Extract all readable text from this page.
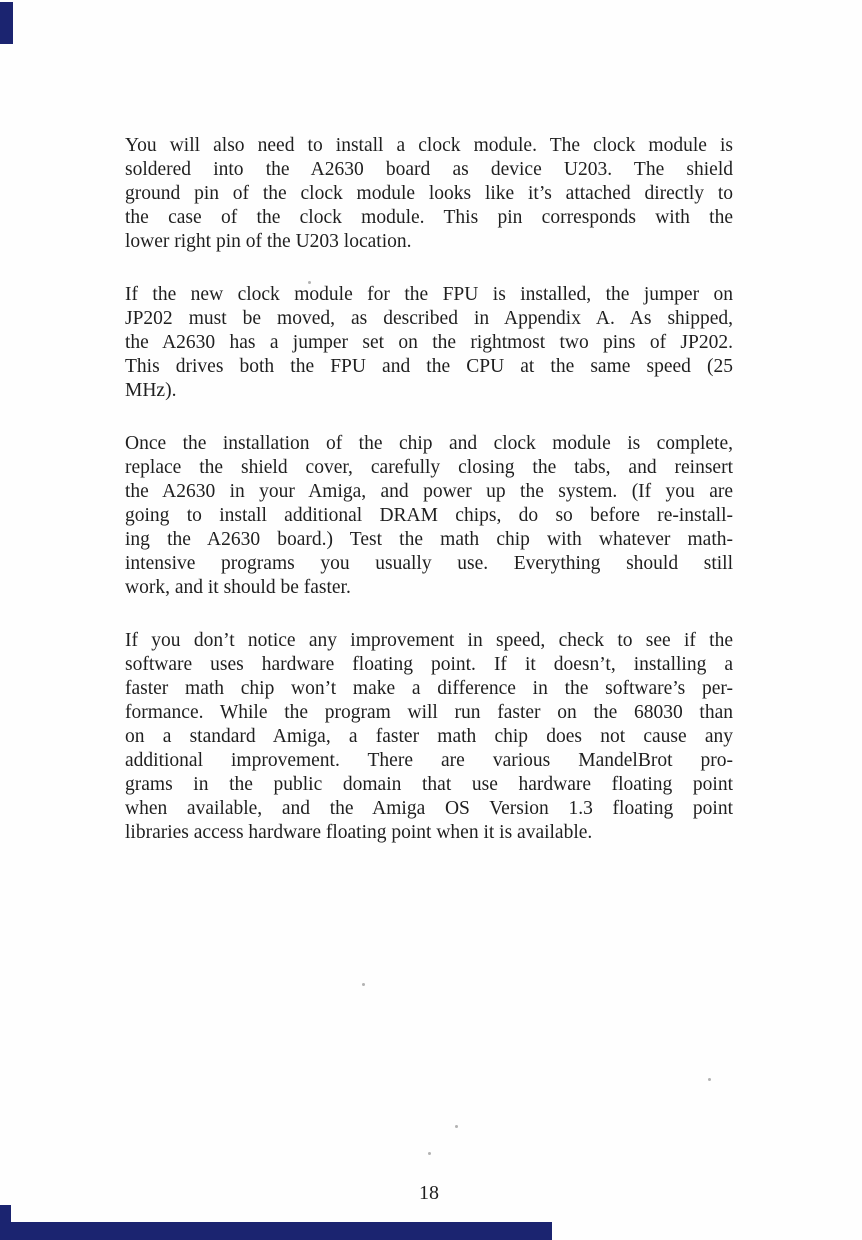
You will also need to install a clock module. The clock module is
soldered into the A2630 board as device U203. The shield
ground pin of the clock module looks like it’s attached directly to
the case of the clock module. This pin corresponds with the
lower right pin of the U203 location.
If the new clock module for the FPU is installed, the jumper on
JP202 must be moved, as described in Appendix A. As shipped,
the A2630 has a jumper set on the rightmost two pins of JP202.
This drives both the FPU and the CPU at the same speed (25
MHz).
Once the installation of the chip and clock module is complete,
replace the shield cover, carefully closing the tabs, and reinsert
the A2630 in your Amiga, and power up the system. (If you are
going to install additional DRAM chips, do so before re-install-
ing the A2630 board.) Test the math chip with whatever math-
intensive programs you usually use. Everything should still
work, and it should be faster.
If you don’t notice any improvement in speed, check to see if the
software uses hardware floating point. If it doesn’t, installing a
faster math chip won’t make a difference in the software’s per-
formance. While the program will run faster on the 68030 than
on a standard Amiga, a faster math chip does not cause any
additional improvement. There are various MandelBrot pro-
grams in the public domain that use hardware floating point
when available, and the Amiga OS Version 1.3 floating point
libraries access hardware floating point when it is available.
18
